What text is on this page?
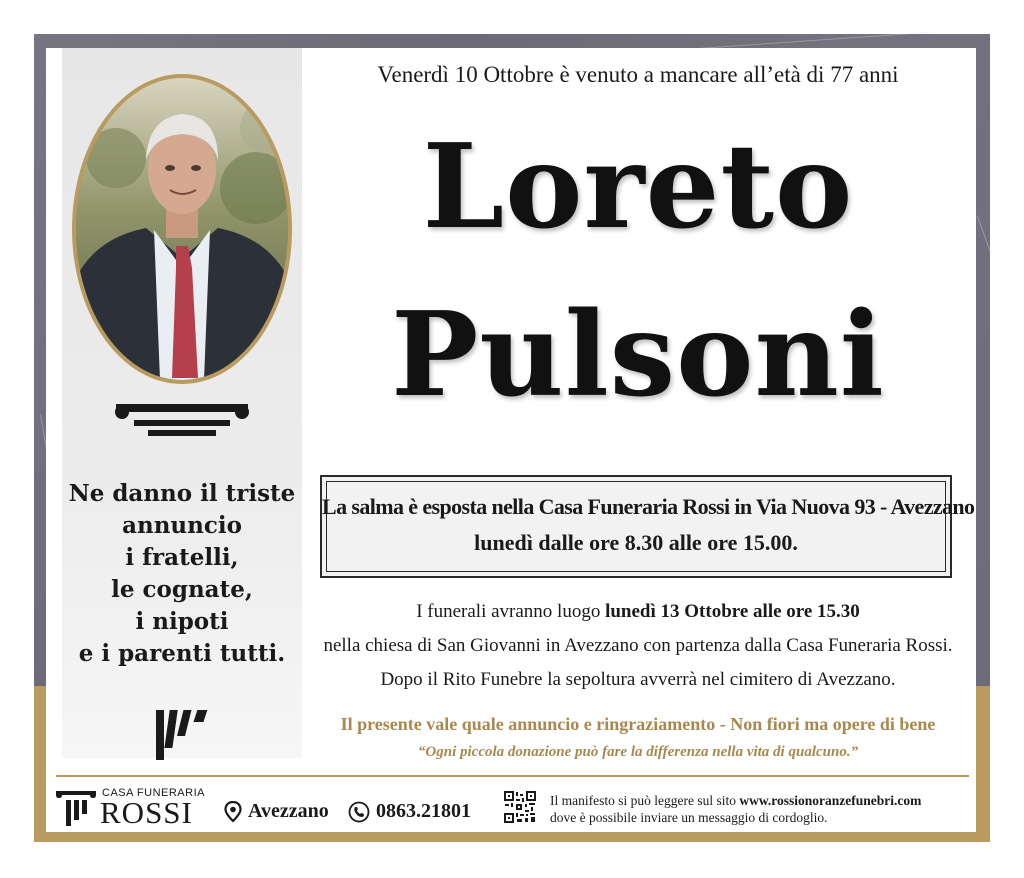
Ne danno il triste
annuncio
i fratelli,
le cognate,
i nipoti
e i parenti tutti.
Venerdì 10 Ottobre è venuto a mancare all’età di 77 anni
Loreto
Pulsoni
La salma è esposta nella Casa Funeraria Rossi in Via Nuova 93 - Avezzano
lunedì dalle ore 8.30 alle ore 15.00.
I funerali avranno luogo lunedì 13 Ottobre alle ore 15.30
nella chiesa di San Giovanni in Avezzano con partenza dalla Casa Funeraria Rossi.
Dopo il Rito Funebre la sepoltura avverrà nel cimitero di Avezzano.
Il presente vale quale annuncio e ringraziamento - Non fiori ma opere di bene
“Ogni piccola donazione può fare la differenza nella vita di qualcuno.”
CASA FUNERARIA
ROSSI	Avezzano 0863.21801	Il manifesto si può leggere sul sito www.rossionoranzefunebri.com
dove è possibile inviare un messaggio di cordoglio.
